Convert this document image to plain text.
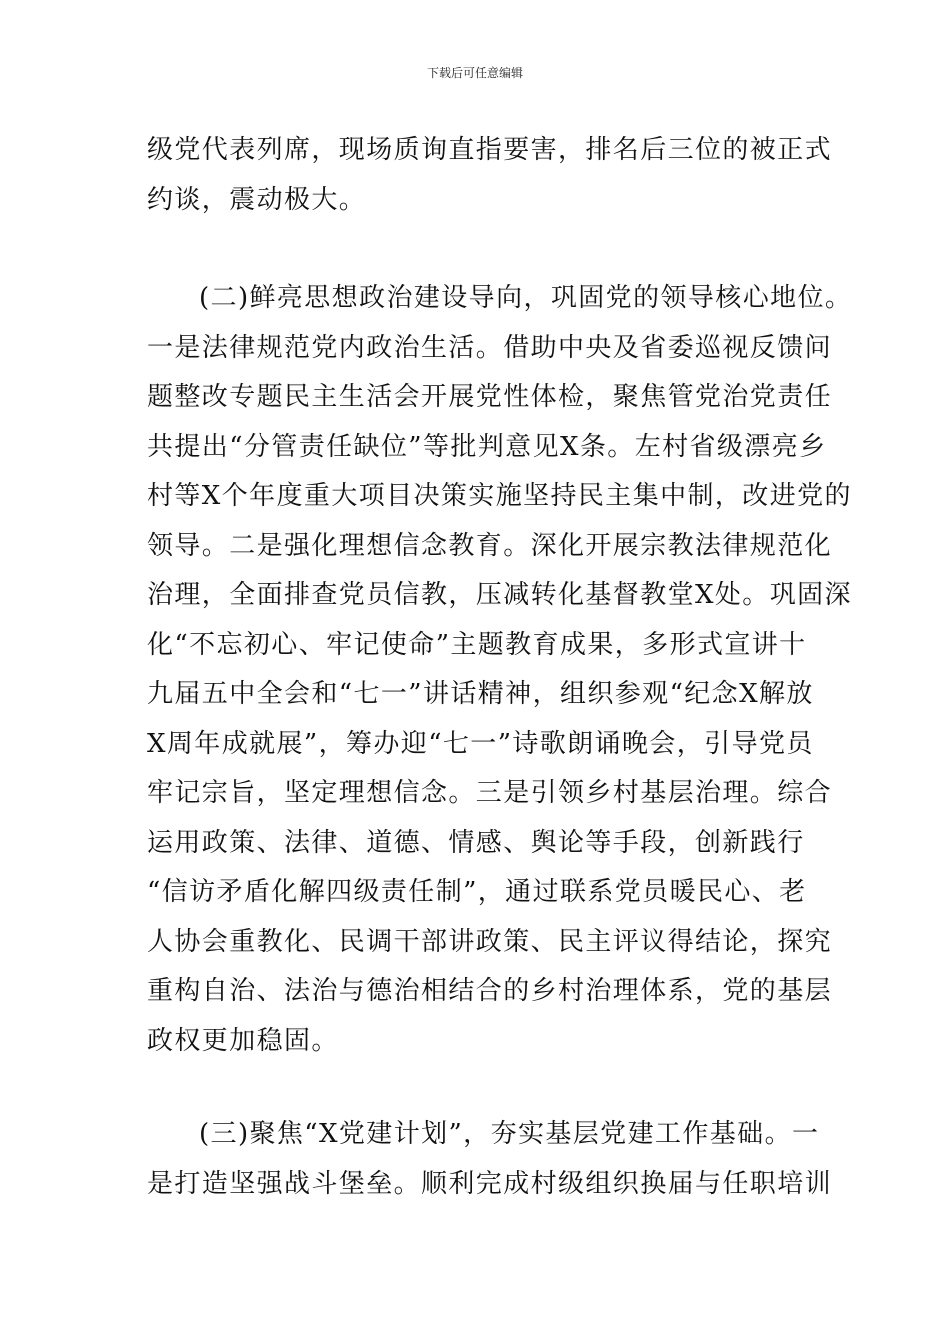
下载后可任意编辑
级党代表列席，现场质询直指要害，排名后三位的被正式
约谈，震动极大。
(二)鲜亮思想政治建设导向，巩固党的领导核心地位。
一是法律规范党内政治生活。借助中央及省委巡视反馈问
题整改专题民主生活会开展党性体检，聚焦管党治党责任
共提出“分管责任缺位”等批判意见X条。左村省级漂亮乡
村等X个年度重大项目决策实施坚持民主集中制，改进党的
领导。二是强化理想信念教育。深化开展宗教法律规范化
治理，全面排查党员信教，压减转化基督教堂X处。巩固深
化“不忘初心、牢记使命”主题教育成果，多形式宣讲十
九届五中全会和“七一”讲话精神，组织参观“纪念X解放
X周年成就展”，筹办迎“七一”诗歌朗诵晚会，引导党员
牢记宗旨，坚定理想信念。三是引领乡村基层治理。综合
运用政策、法律、道德、情感、舆论等手段，创新践行
“信访矛盾化解四级责任制”，通过联系党员暖民心、老
人协会重教化、民调干部讲政策、民主评议得结论，探究
重构自治、法治与德治相结合的乡村治理体系，党的基层
政权更加稳固。
(三)聚焦“X党建计划”，夯实基层党建工作基础。一
是打造坚强战斗堡垒。顺利完成村级组织换届与任职培训
